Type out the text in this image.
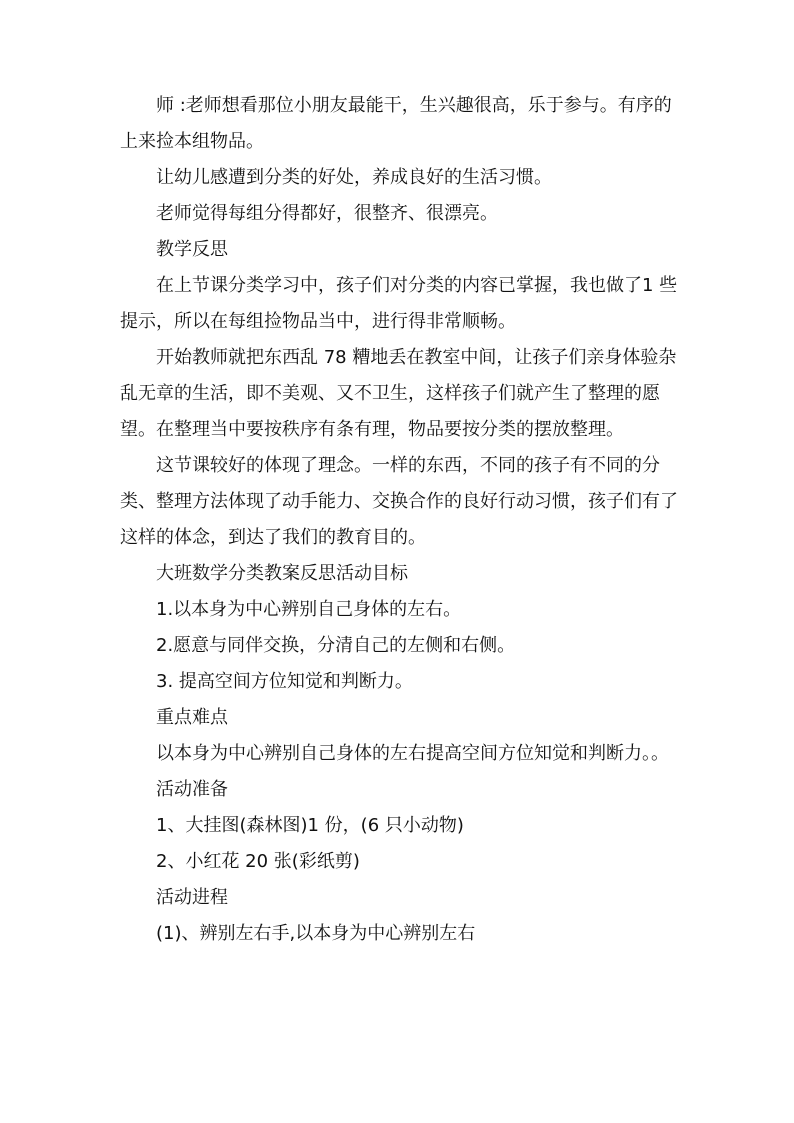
师 :老师想看那位小朋友最能干，生兴趣很高，乐于参与。有序的上来捡本组物品。

让幼儿感遭到分类的好处，养成良好的生活习惯。

老师觉得每组分得都好，很整齐、很漂亮。

教学反思

在上节课分类学习中，孩子们对分类的内容已掌握，我也做了1 些提示，所以在每组捡物品当中，进行得非常顺畅。

开始教师就把东西乱 78 糟地丢在教室中间，让孩子们亲身体验杂乱无章的生活，即不美观、又不卫生，这样孩子们就产生了整理的愿望。在整理当中要按秩序有条有理，物品要按分类的摆放整理。

这节课较好的体现了理念。一样的东西，不同的孩子有不同的分类、整理方法体现了动手能力、交换合作的良好行动习惯，孩子们有了这样的体念，到达了我们的教育目的。

大班数学分类教案反思活动目标

1.以本身为中心辨别自己身体的左右。

2.愿意与同伴交换，分清自己的左侧和右侧。

3. 提高空间方位知觉和判断力。

重点难点

以本身为中心辨别自己身体的左右提高空间方位知觉和判断力。。

活动准备

1、大挂图(森林图)1 份，(6 只小动物)

2、小红花 20 张(彩纸剪)

活动进程

(1)、辨别左右手,以本身为中心辨别左右
